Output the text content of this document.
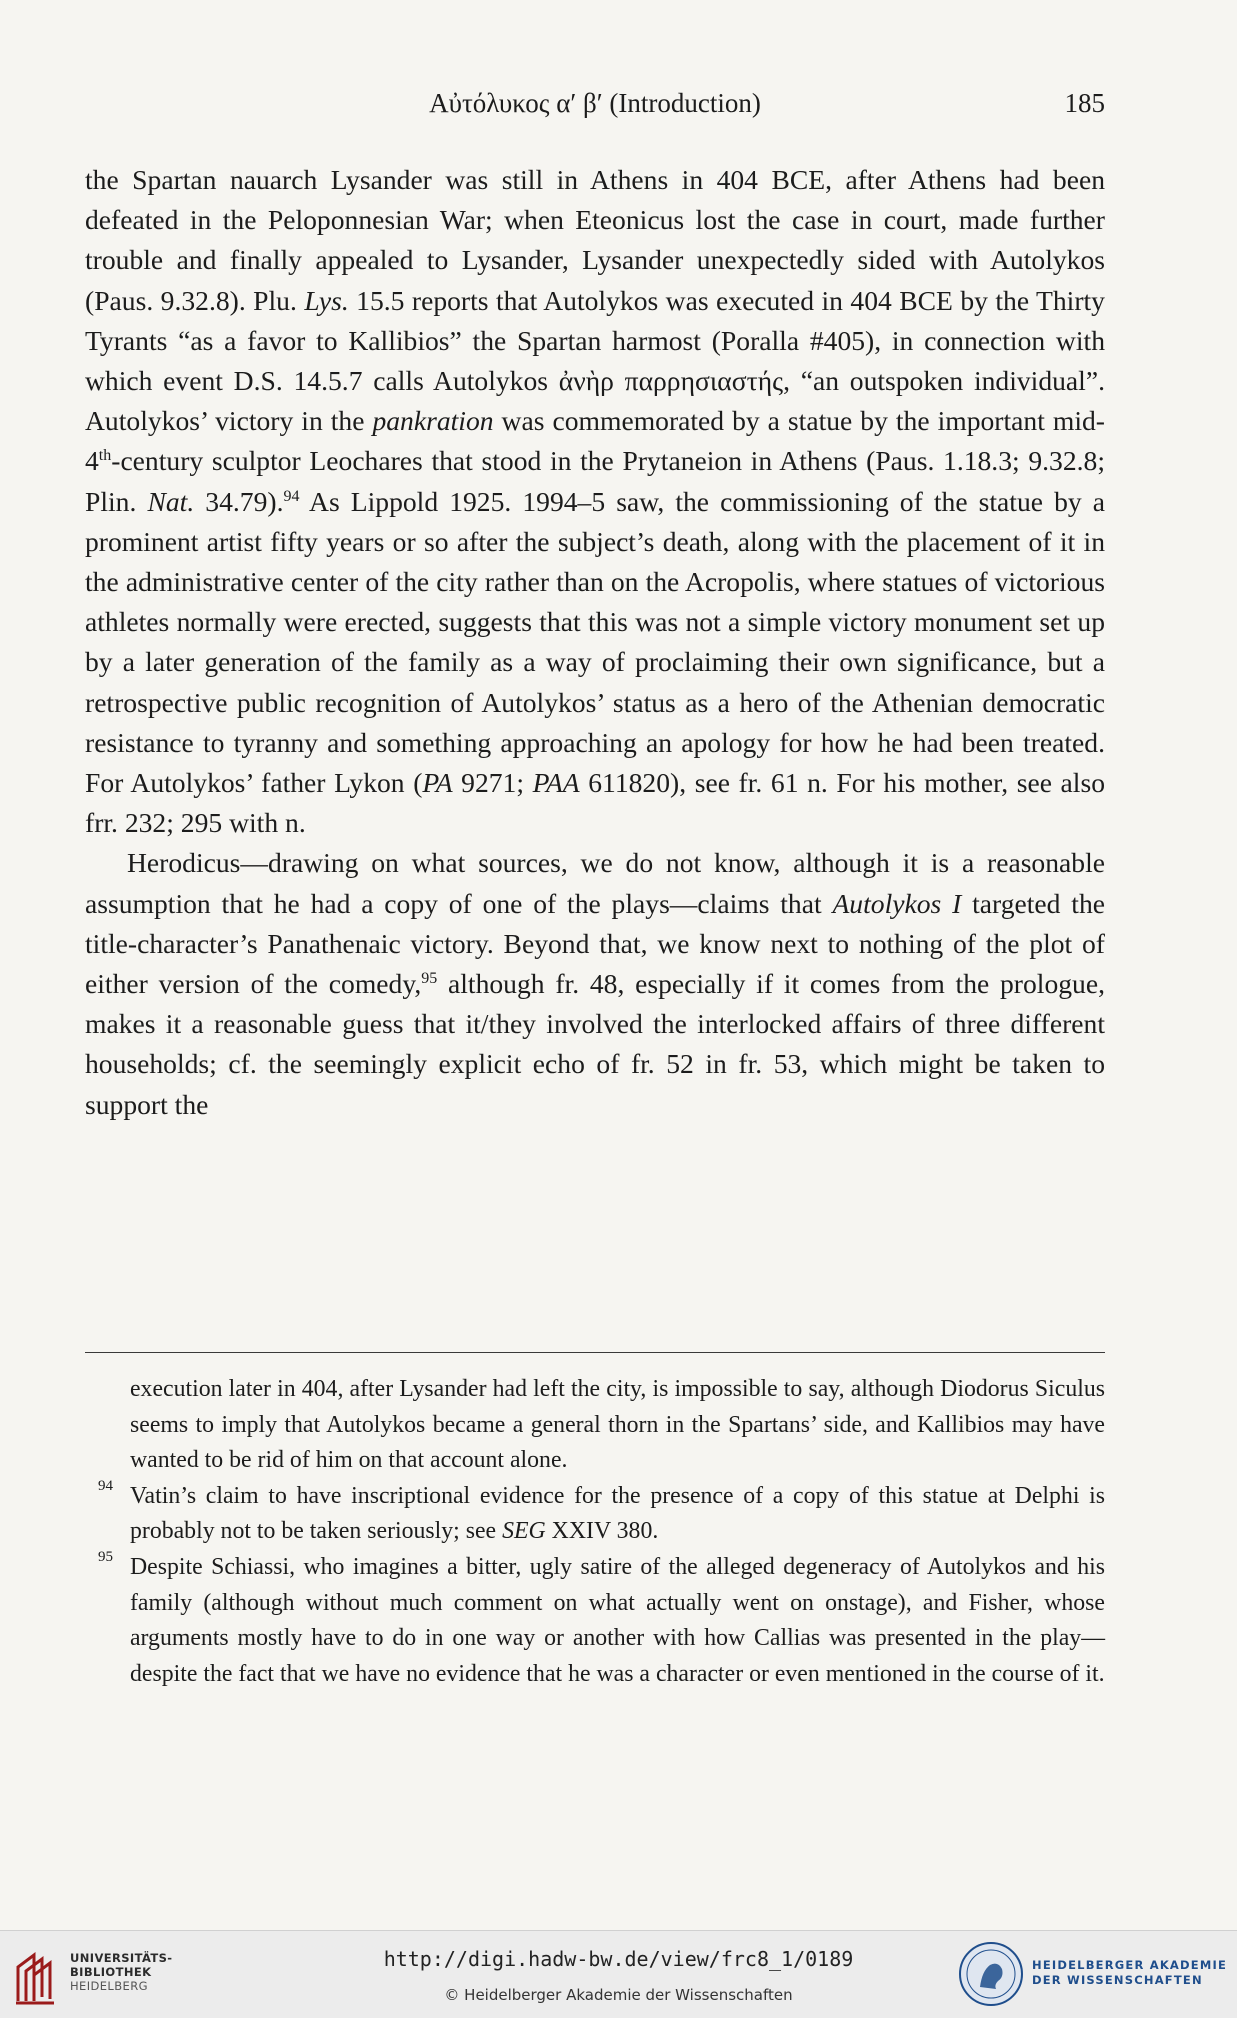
Αὐτόλυκος α′ β′ (Introduction)	185

the Spartan nauarch Lysander was still in Athens in 404 BCE, after Athens had been defeated in the Peloponnesian War; when Eteonicus lost the case in court, made further trouble and finally appealed to Lysander, Lysander unexpectedly sided with Autolykos (Paus. 9.32.8). Plu. Lys. 15.5 reports that Autolykos was executed in 404 BCE by the Thirty Tyrants “as a favor to Kallibios” the Spartan harmost (Poralla #405), in connection with which event D.S. 14.5.7 calls Autolykos ἀνὴρ παρρησιαστής, “an outspoken individual”. Autolykos’ victory in the pankration was commemorated by a statue by the important mid-4th-century sculptor Leochares that stood in the Prytaneion in Athens (Paus. 1.18.3; 9.32.8; Plin. Nat. 34.79).$^{94}$ As Lippold 1925. 1994–5 saw, the commissioning of the statue by a prominent artist fifty years or so after the subject’s death, along with the placement of it in the administrative center of the city rather than on the Acropolis, where statues of victorious athletes normally were erected, suggests that this was not a simple victory monument set up by a later generation of the family as a way of proclaiming their own significance, but a retrospective public recognition of Autolykos’ status as a hero of the Athenian democratic resistance to tyranny and something approaching an apology for how he had been treated. For Autolykos’ father Lykon (PA 9271; PAA 611820), see fr. 61 n. For his mother, see also frr. 232; 295 with n.

Herodicus—drawing on what sources, we do not know, although it is a reasonable assumption that he had a copy of one of the plays—claims that Autolykos I targeted the title-character’s Panathenaic victory. Beyond that, we know next to nothing of the plot of either version of the comedy,$^{95}$ although fr. 48, especially if it comes from the prologue, makes it a reasonable guess that it/they involved the interlocked affairs of three different households; cf. the seemingly explicit echo of fr. 52 in fr. 53, which might be taken to support the

execution later in 404, after Lysander had left the city, is impossible to say, although Diodorus Siculus seems to imply that Autolykos became a general thorn in the Spartans’ side, and Kallibios may have wanted to be rid of him on that account alone.

94 Vatin’s claim to have inscriptional evidence for the presence of a copy of this statue at Delphi is probably not to be taken seriously; see SEG XXIV 380.

95 Despite Schiassi, who imagines a bitter, ugly satire of the alleged degeneracy of Autolykos and his family (although without much comment on what actually went on onstage), and Fisher, whose arguments mostly have to do in one way or another with how Callias was presented in the play—despite the fact that we have no evidence that he was a character or even mentioned in the course of it.

UNIVERSITÄTS-
BIBLIOTHEK
HEIDELBERG
http://digi.hadw-bw.de/view/frc8_1/0189
© Heidelberger Akademie der Wissenschaften
HEIDELBERGER AKADEMIE
DER WISSENSCHAFTEN
